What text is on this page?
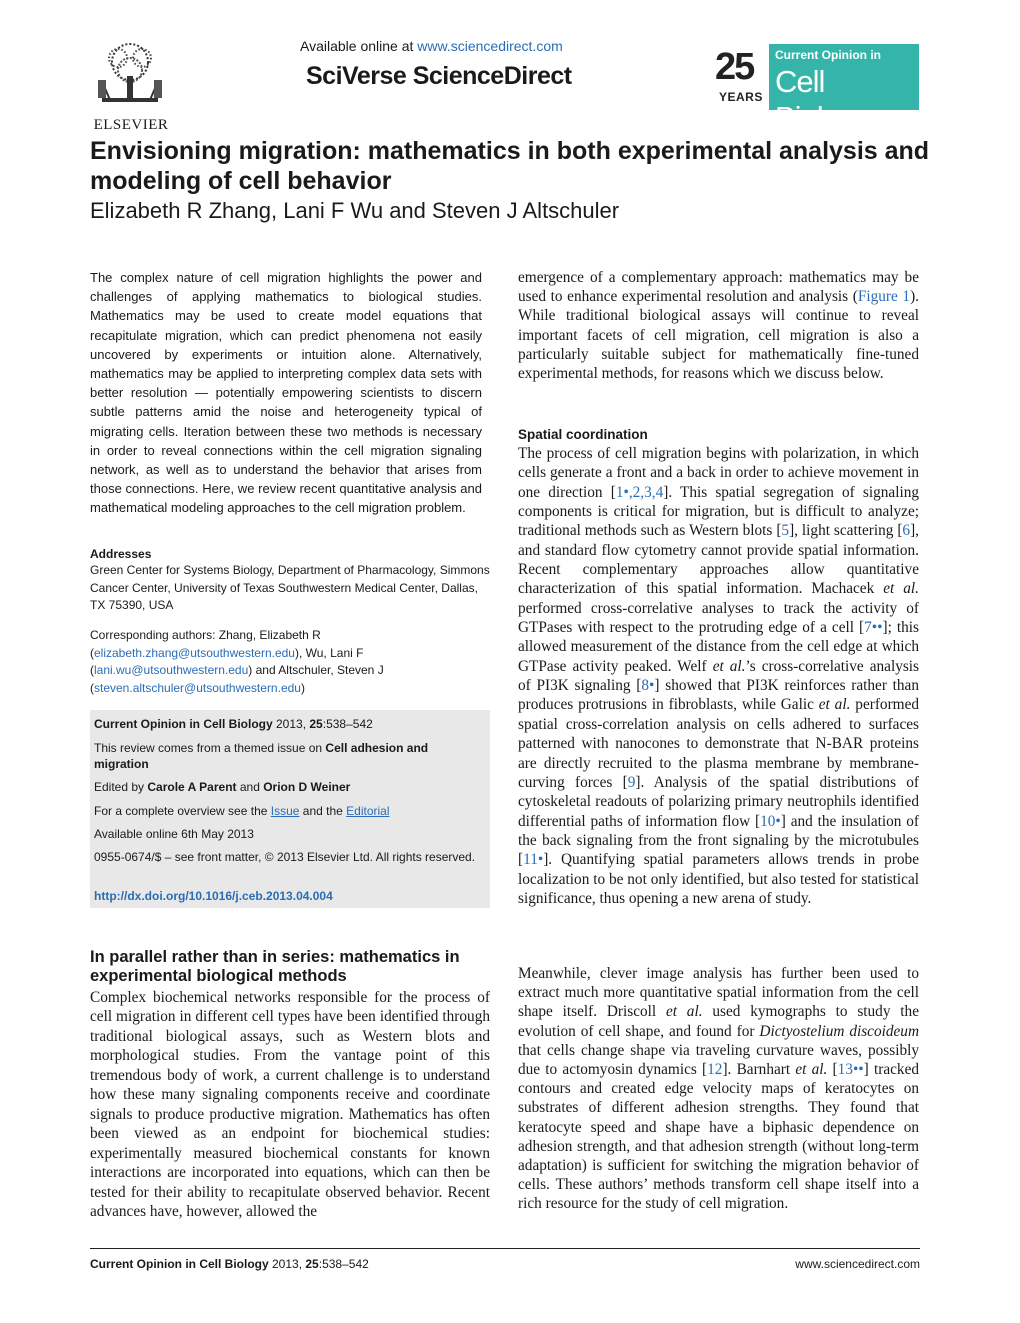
ELSEVIER
Available online at www.sciencedirect.com
SciVerse ScienceDirect	25
YEARS
Current Opinion in
Cell Biology
Envisioning migration: mathematics in both experimental analysis and modeling of cell behavior
Elizabeth R Zhang, Lani F Wu and Steven J Altschuler
The complex nature of cell migration highlights the power and challenges of applying mathematics to biological studies. Mathematics may be used to create model equations that recapitulate migration, which can predict phenomena not easily uncovered by experiments or intuition alone. Alternatively, mathematics may be applied to interpreting complex data sets with better resolution — potentially empowering scientists to discern subtle patterns amid the noise and heterogeneity typical of migrating cells. Iteration between these two methods is necessary in order to reveal connections within the cell migration signaling network, as well as to understand the behavior that arises from those connections. Here, we review recent quantitative analysis and mathematical modeling approaches to the cell migration problem.
Addresses
Green Center for Systems Biology, Department of Pharmacology, Simmons Cancer Center, University of Texas Southwestern Medical Center, Dallas, TX 75390, USA
Corresponding authors: Zhang, Elizabeth R
(elizabeth.zhang@utsouthwestern.edu), Wu, Lani F
(lani.wu@utsouthwestern.edu) and Altschuler, Steven J
(steven.altschuler@utsouthwestern.edu)
Current Opinion in Cell Biology 2013, 25:538–542
This review comes from a themed issue on Cell adhesion and migration
Edited by Carole A Parent and Orion D Weiner
For a complete overview see the Issue and the Editorial
Available online 6th May 2013
0955-0674/$ – see front matter, © 2013 Elsevier Ltd. All rights reserved.
http://dx.doi.org/10.1016/j.ceb.2013.04.004
In parallel rather than in series: mathematics in experimental biological methods
Complex biochemical networks responsible for the process of cell migration in different cell types have been identified through traditional biological assays, such as Western blots and morphological studies. From the vantage point of this tremendous body of work, a current challenge is to understand how these many signaling components receive and coordinate signals to produce productive migration. Mathematics has often been viewed as an endpoint for biochemical studies: experimentally measured biochemical constants for known interactions are incorporated into equations, which can then be tested for their ability to recapitulate observed behavior. Recent advances have, however, allowed the
emergence of a complementary approach: mathematics may be used to enhance experimental resolution and analysis (Figure 1). While traditional biological assays will continue to reveal important facets of cell migration, cell migration is also a particularly suitable subject for mathematically fine-tuned experimental methods, for reasons which we discuss below.
Spatial coordination
The process of cell migration begins with polarization, in which cells generate a front and a back in order to achieve movement in one direction [1•,2,3,4]. This spatial segregation of signaling components is critical for migration, but is difficult to analyze; traditional methods such as Western blots [5], light scattering [6], and standard flow cytometry cannot provide spatial information. Recent complementary approaches allow quantitative characterization of this spatial information. Machacek et al. performed cross-correlative analyses to track the activity of GTPases with respect to the protruding edge of a cell [7••]; this allowed measurement of the distance from the cell edge at which GTPase activity peaked. Welf et al.’s cross-correlative analysis of PI3K signaling [8•] showed that PI3K reinforces rather than produces protrusions in fibroblasts, while Galic et al. performed spatial cross-correlation analysis on cells adhered to surfaces patterned with nanocones to demonstrate that N-BAR proteins are directly recruited to the plasma membrane by membrane-curving forces [9]. Analysis of the spatial distributions of cytoskeletal readouts of polarizing primary neutrophils identified differential paths of information flow [10•] and the insulation of the back signaling from the front signaling by the microtubules [11•]. Quantifying spatial parameters allows trends in probe localization to be not only identified, but also tested for statistical significance, thus opening a new arena of study.
Meanwhile, clever image analysis has further been used to extract much more quantitative spatial information from the cell shape itself. Driscoll et al. used kymographs to study the evolution of cell shape, and found for Dictyostelium discoideum that cells change shape via traveling curvature waves, possibly due to actomyosin dynamics [12]. Barnhart et al. [13••] tracked contours and created edge velocity maps of keratocytes on substrates of different adhesion strengths. They found that keratocyte speed and shape have a biphasic dependence on adhesion strength, and that adhesion strength (without long-term adaptation) is sufficient for switching the migration behavior of cells. These authors’ methods transform cell shape itself into a rich resource for the study of cell migration.
Current Opinion in Cell Biology 2013, 25:538–542	www.sciencedirect.com
